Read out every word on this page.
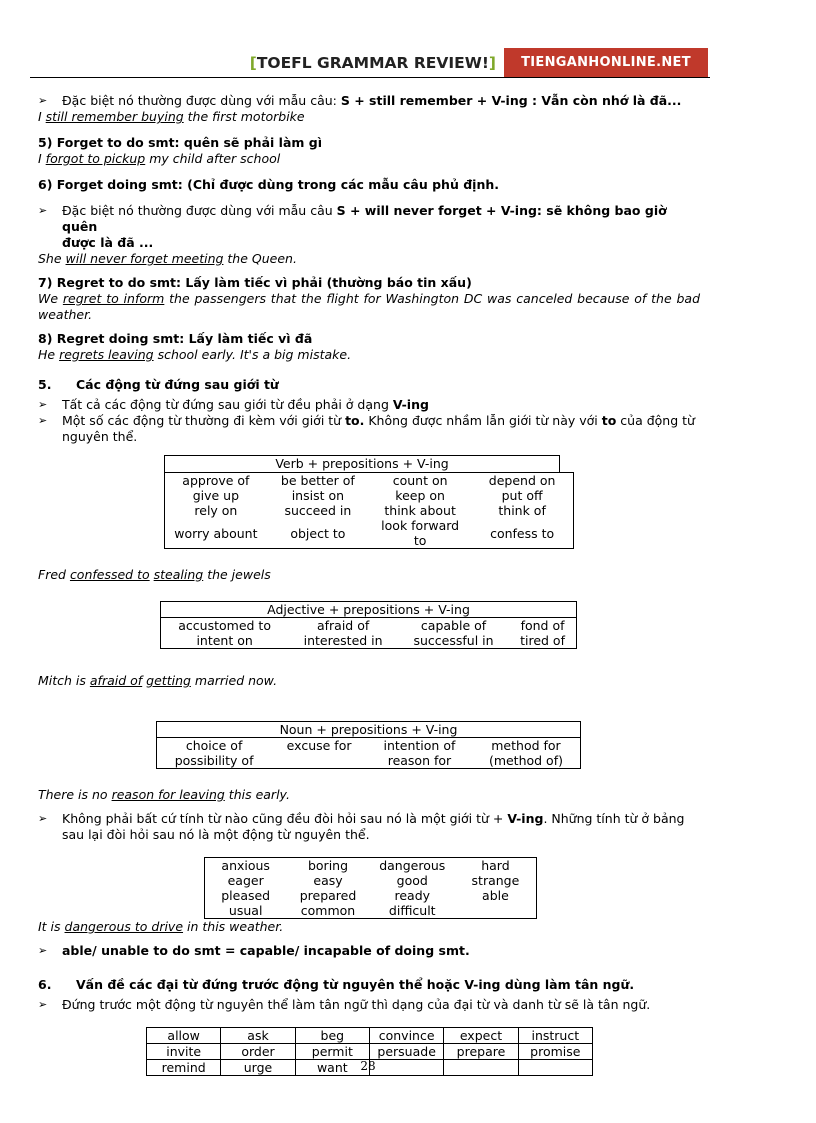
[TOEFL GRAMMAR REVIEW!]	TIENGANHONLINE.NET
➢ Đặc biệt nó thường được dùng với mẫu câu: S + still remember + V-ing : Vẫn còn nhớ là đã...
I still remember buying the first motorbike
5) Forget to do smt: quên sẽ phải làm gì
I forgot to pickup my child after school
6) Forget doing smt: (Chỉ được dùng trong các mẫu câu phủ định.
➢ Đặc biệt nó thường được dùng với mẫu câu S + will never forget + V-ing: sẽ không bao giờ quên
được là đã ...
She will never forget meeting the Queen.
7) Regret to do smt: Lấy làm tiếc vì phải (thường báo tin xấu)
We regret to inform the passengers that the flight for Washington DC was canceled because of the bad weather.
8) Regret doing smt: Lấy làm tiếc vì đã
He regrets leaving school early. It's a big mistake.
5. Các động từ đứng sau giới từ
➢ Tất cả các động từ đứng sau giới từ đều phải ở dạng V-ing
➢ Một số các động từ thường đi kèm với giới từ to. Không được nhầm lẫn giới từ này với to của động từ nguyên thể.
Verb + prepositions + V-ing
approve of	be better of	count on	depend on
give up	insist on	keep on	put off
rely on	succeed in	think about	think of
worry abount	object to	look forward to	confess to
Fred confessed to stealing the jewels
Adjective + prepositions + V-ing			
accustomed to	afraid of	capable of	fond of
intent on	interested in	successful in	tired of
Mitch is afraid of getting married now.
Noun + prepositions + V-ing			
choice of	excuse for	intention of	method for
possibility of		reason for	(method of)
There is no reason for leaving this early.
➢ Không phải bất cứ tính từ nào cũng đều đòi hỏi sau nó là một giới từ + V-ing. Những tính từ ở bảng sau lại đòi hỏi sau nó là một động từ nguyên thể.
anxious	boring	dangerous	hard
eager	easy	good	strange
pleased	prepared	ready	able
usual	common	difficult	
It is dangerous to drive in this weather.
➢ able/ unable to do smt = capable/ incapable of doing smt.
6. Vấn đề các đại từ đứng trước động từ nguyên thể hoặc V-ing dùng làm tân ngữ.
➢ Đứng trước một động từ nguyên thể làm tân ngữ thì dạng của đại từ và danh từ sẽ là tân ngữ.
allow	ask	beg	convince	expect	instruct
invite	order	permit	persuade	prepare	promise
remind	urge	want				28
